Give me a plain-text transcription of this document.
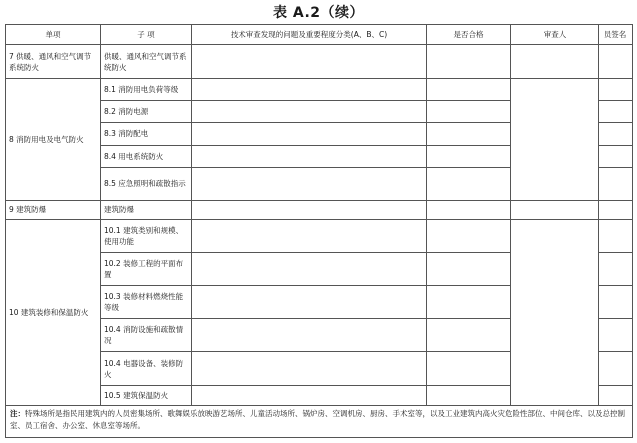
表 A.2（续）
单项	子 项	技术审查发现的问题及重要程度分类(A、B、C)	是否合格	审查人	员签名
7 供暖、通风和空气调节系统防火	供暖、通风和空气调节系统防火				
8 消防用电及电气防火	8.1 消防用电负荷等级				
	8.2 消防电源				
	8.3 消防配电				
	8.4 用电系统防火				
	8.5 应急照明和疏散指示				
9 建筑防爆	建筑防爆				
10 建筑装修和保温防火	10.1 建筑类别和规模、使用功能				
	10.2 装修工程的平面布置				
	10.3 装修材料燃烧性能等级				
	10.4 消防设施和疏散情况				
	10.4 电器设备、装修防火				
	10.5 建筑保温防火				
注：特殊场所是指民用建筑内的人员密集场所、歌舞娱乐放映游艺场所、儿童活动场所、锅炉房、空调机房、厨房、手术室等，以及工业建筑内高火灾危险性部位、中间仓库、以及总控制室、员工宿舍、办公室、休息室等场所。					
